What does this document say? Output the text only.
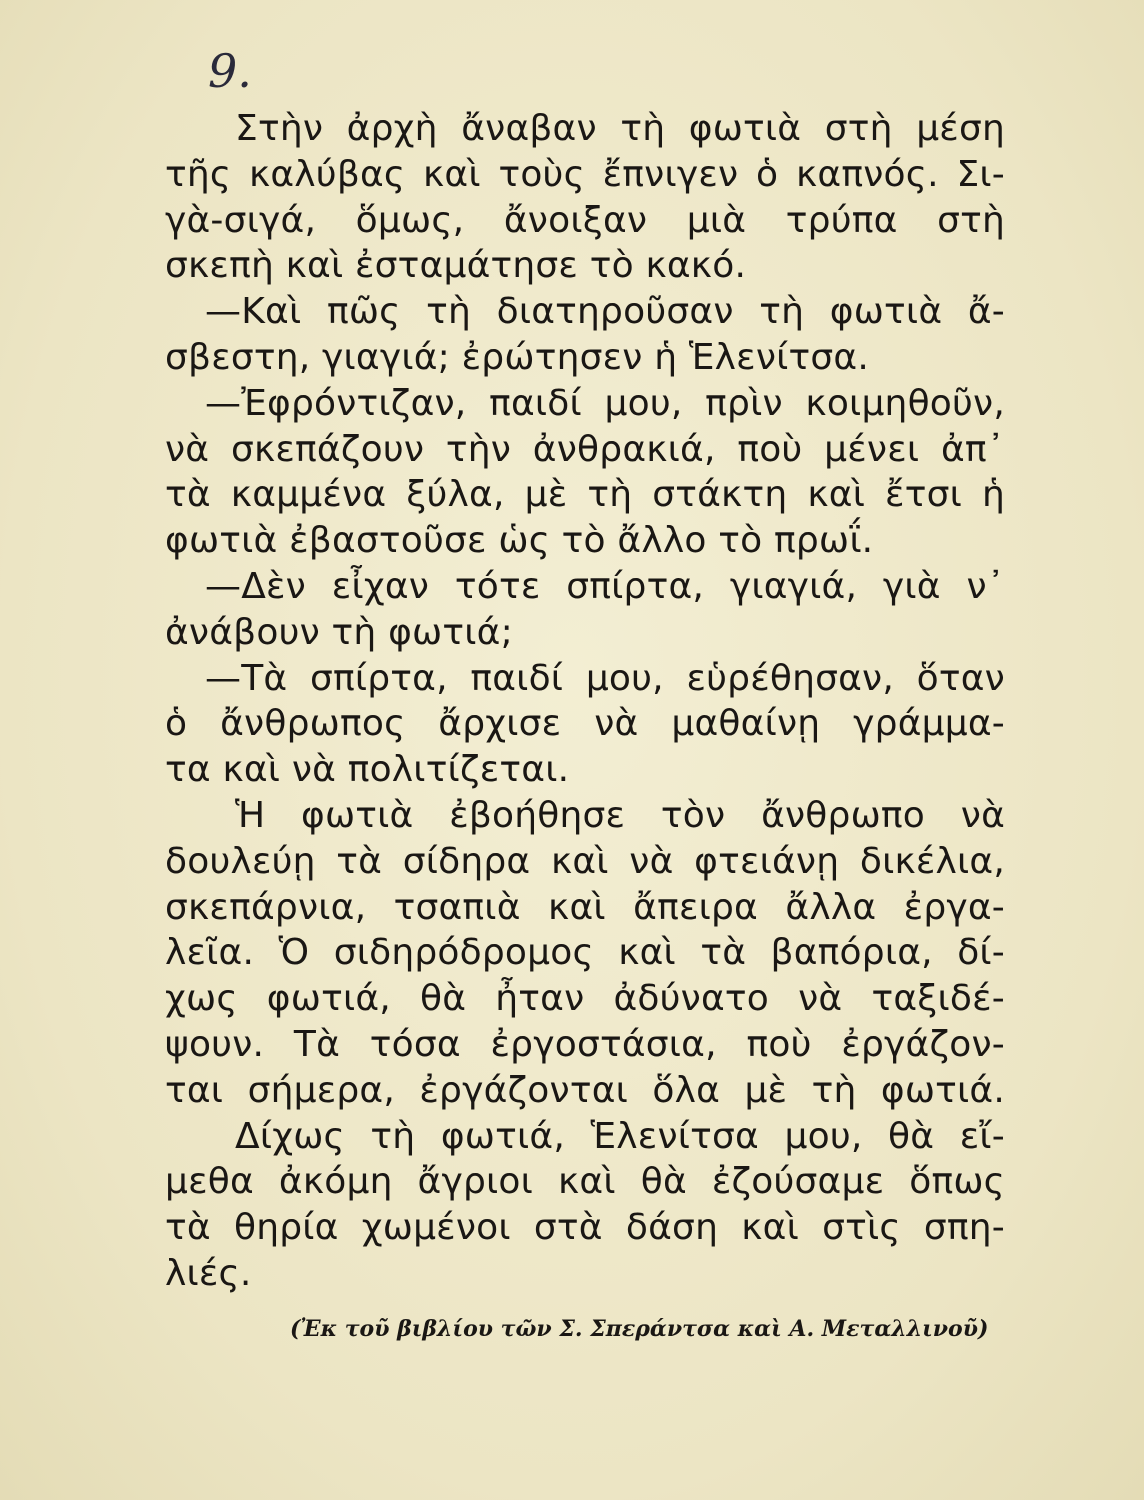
9.
Στὴν ἀρχὴ ἄναβαν τὴ φωτιὰ στὴ μέση
τῆς καλύβας καὶ τοὺς ἔπνιγεν ὁ καπνός. Σι-
γὰ-σιγά, ὅμως, ἄνοιξαν μιὰ τρύπα στὴ
σκεπὴ καὶ ἐσταμάτησε τὸ κακό.
—Καὶ πῶς τὴ διατηροῦσαν τὴ φωτιὰ ἄ-
σβεστη, γιαγιά; ἐρώτησεν ἡ Ἑλενίτσα.
—Ἐφρόντιζαν, παιδί μου, πρὶν κοιμηθοῦν,
νὰ σκεπάζουν τὴν ἀνθρακιά, ποὺ μένει ἀπ᾽
τὰ καμμένα ξύλα, μὲ τὴ στάκτη καὶ ἔτσι ἡ
φωτιὰ ἐβαστοῦσε ὡς τὸ ἄλλο τὸ πρωΐ.
—Δὲν εἶχαν τότε σπίρτα, γιαγιά, γιὰ ν᾽
ἀνάβουν τὴ φωτιά;
—Τὰ σπίρτα, παιδί μου, εὑρέθησαν, ὅταν
ὁ ἄνθρωπος ἄρχισε νὰ μαθαίνῃ γράμμα-
τα καὶ νὰ πολιτίζεται.
Ἡ φωτιὰ ἐβοήθησε τὸν ἄνθρωπο νὰ
δουλεύῃ τὰ σίδηρα καὶ νὰ φτειάνῃ δικέλια,
σκεπάρνια, τσαπιὰ καὶ ἄπειρα ἄλλα ἐργα-
λεῖα. Ὁ σιδηρόδρομος καὶ τὰ βαπόρια, δί-
χως φωτιά, θὰ ἦταν ἀδύνατο νὰ ταξιδέ-
ψουν. Τὰ τόσα ἐργοστάσια, ποὺ ἐργάζον-
ται σήμερα, ἐργάζονται ὅλα μὲ τὴ φωτιά.
Δίχως τὴ φωτιά, Ἑλενίτσα μου, θὰ εἴ-
μεθα ἀκόμη ἄγριοι καὶ θὰ ἐζούσαμε ὅπως
τὰ θηρία χωμένοι στὰ δάση καὶ στὶς σπη-
λιές.
(Ἐκ τοῦ βιβλίου τῶν Σ. Σπεράντσα καὶ Α. Μεταλλινοῦ)
